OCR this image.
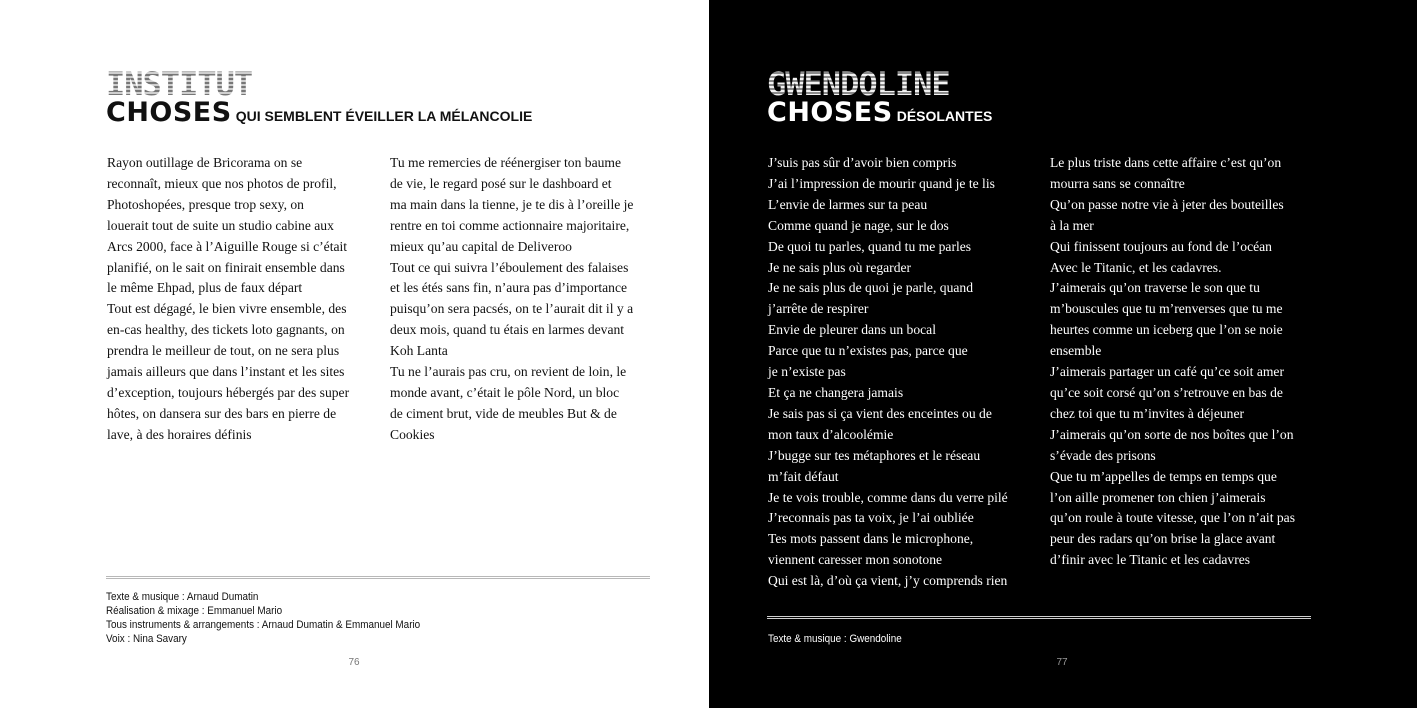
INSTITUT
CHOSES QUI SEMBLENT ÉVEILLER LA MÉLANCOLIE
Rayon outillage de Bricorama on se
reconnaît, mieux que nos photos de profil,
Photoshopées, presque trop sexy, on
louerait tout de suite un studio cabine aux
Arcs 2000, face à l’Aiguille Rouge si c’était
planifié, on le sait on finirait ensemble dans
le même Ehpad, plus de faux départ
Tout est dégagé, le bien vivre ensemble, des
en-cas healthy, des tickets loto gagnants, on
prendra le meilleur de tout, on ne sera plus
jamais ailleurs que dans l’instant et les sites
d’exception, toujours hébergés par des super
hôtes, on dansera sur des bars en pierre de
lave, à des horaires définis
Tu me remercies de réénergiser ton baume
de vie, le regard posé sur le dashboard et
ma main dans la tienne, je te dis à l’oreille je
rentre en toi comme actionnaire majoritaire,
mieux qu’au capital de Deliveroo
Tout ce qui suivra l’éboulement des falaises
et les étés sans fin, n’aura pas d’importance
puisqu’on sera pacsés, on te l’aurait dit il y a
deux mois, quand tu étais en larmes devant
Koh Lanta
Tu ne l’aurais pas cru, on revient de loin, le
monde avant, c’était le pôle Nord, un bloc
de ciment brut, vide de meubles But & de
Cookies
Texte & musique : Arnaud Dumatin
Réalisation & mixage : Emmanuel Mario
Tous instruments & arrangements : Arnaud Dumatin & Emmanuel Mario
Voix : Nina Savary
76
GWENDOLINE
CHOSES DÉSOLANTES
J’suis pas sûr d’avoir bien compris
J’ai l’impression de mourir quand je te lis
L’envie de larmes sur ta peau
Comme quand je nage, sur le dos
De quoi tu parles, quand tu me parles
Je ne sais plus où regarder
Je ne sais plus de quoi je parle, quand
j’arrête de respirer
Envie de pleurer dans un bocal
Parce que tu n’existes pas, parce que
je n’existe pas
Et ça ne changera jamais
Je sais pas si ça vient des enceintes ou de
mon taux d’alcoolémie
J’bugge sur tes métaphores et le réseau
m’fait défaut
Je te vois trouble, comme dans du verre pilé
J’reconnais pas ta voix, je l’ai oubliée
Tes mots passent dans le microphone,
viennent caresser mon sonotone
Qui est là, d’où ça vient, j’y comprends rien
Le plus triste dans cette affaire c’est qu’on
mourra sans se connaître
Qu’on passe notre vie à jeter des bouteilles
à la mer
Qui finissent toujours au fond de l’océan
Avec le Titanic, et les cadavres.
J’aimerais qu’on traverse le son que tu
m’bouscules que tu m’renverses que tu me
heurtes comme un iceberg que l’on se noie
ensemble
J’aimerais partager un café qu’ce soit amer
qu’ce soit corsé qu’on s’retrouve en bas de
chez toi que tu m’invites à déjeuner
J’aimerais qu’on sorte de nos boîtes que l’on
s’évade des prisons
Que tu m’appelles de temps en temps que
l’on aille promener ton chien j’aimerais
qu’on roule à toute vitesse, que l’on n’ait pas
peur des radars qu’on brise la glace avant
d’finir avec le Titanic et les cadavres
Texte & musique : Gwendoline
77
